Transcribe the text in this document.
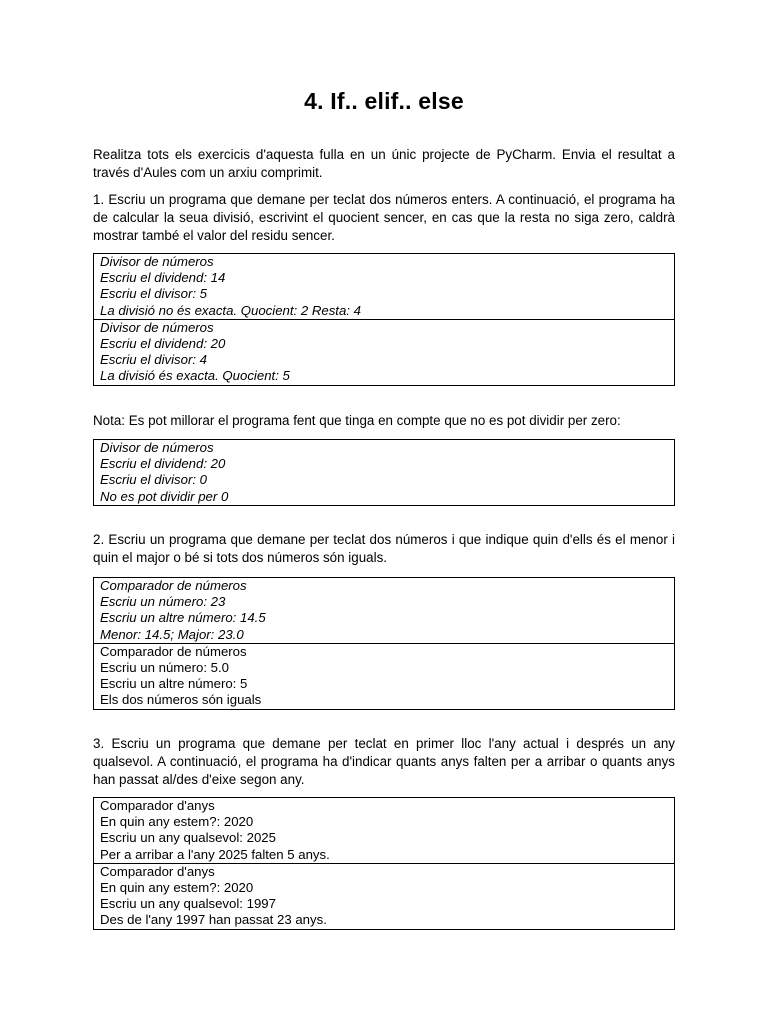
4. If.. elif.. else

Realitza tots els exercicis d'aquesta fulla en un únic projecte de PyCharm. Envia el resultat a través d'Aules com un arxiu comprimit.

1. Escriu un programa que demane per teclat dos números enters. A continuació, el programa ha de calcular la seua divisió, escrivint el quocient sencer, en cas que la resta no siga zero, caldrà mostrar també el valor del residu sencer.

Divisor de números
Escriu el dividend: 14
Escriu el divisor: 5
La divisió no és exacta. Quocient: 2 Resta: 4
Divisor de números
Escriu el dividend: 20
Escriu el divisor: 4
La divisió és exacta. Quocient: 5

Nota: Es pot millorar el programa fent que tinga en compte que no es pot dividir per zero:

Divisor de números
Escriu el dividend: 20
Escriu el divisor: 0
No es pot dividir per 0

2. Escriu un programa que demane per teclat dos números i que indique quin d'ells és el menor i quin el major o bé si tots dos números són iguals.

Comparador de números
Escriu un número: 23
Escriu un altre número: 14.5
Menor: 14.5; Major: 23.0
Comparador de números
Escriu un número: 5.0
Escriu un altre número: 5
Els dos números són iguals

3. Escriu un programa que demane per teclat en primer lloc l'any actual i després un any qualsevol. A continuació, el programa ha d'indicar quants anys falten per a arribar o quants anys han passat al/des d'eixe segon any.

Comparador d'anys
En quin any estem?: 2020
Escriu un any qualsevol: 2025
Per a arribar a l'any 2025 falten 5 anys.
Comparador d'anys
En quin any estem?: 2020
Escriu un any qualsevol: 1997
Des de l'any 1997 han passat 23 anys.
